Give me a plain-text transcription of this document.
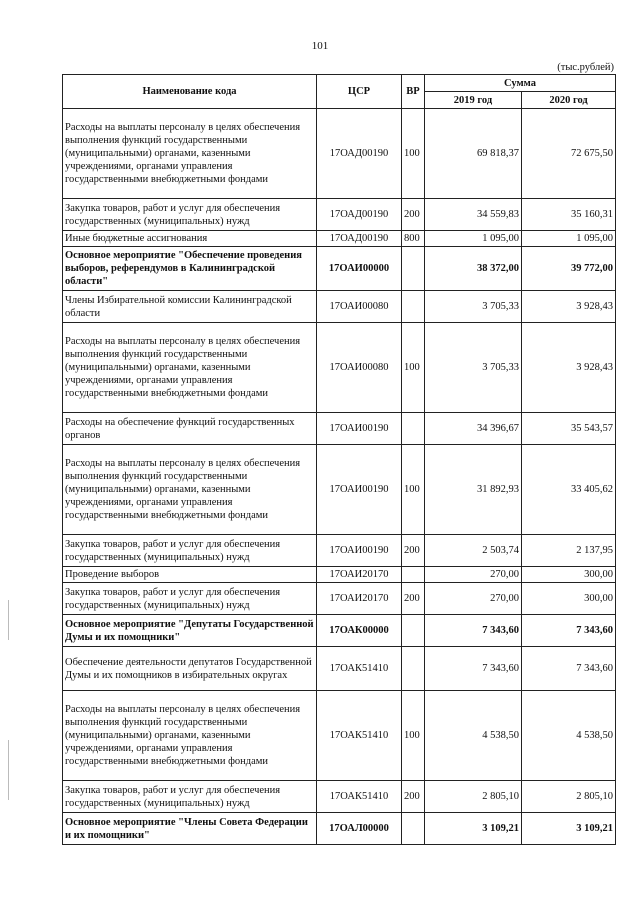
101
(тыс.рублей)
Наименование кода	ЦСР	ВР	Сумма	
			2019 год	2020 год
Расходы на выплаты персоналу в целях обеспечения выполнения функций государственными (муниципальными) органами, казенными учреждениями, органами управления государственными внебюджетными фондами	17ОАД00190	100	69 818,37	72 675,50
Закупка товаров, работ и услуг для обеспечения государственных (муниципальных) нужд	17ОАД00190	200	34 559,83	35 160,31
Иные бюджетные ассигнования	17ОАД00190	800	1 095,00	1 095,00
Основное мероприятие "Обеспечение проведения выборов, референдумов в Калининградской области"	17ОАИ00000		38 372,00	39 772,00
Члены Избирательной комиссии Калининградской области	17ОАИ00080		3 705,33	3 928,43
Расходы на выплаты персоналу в целях обеспечения выполнения функций государственными (муниципальными) органами, казенными учреждениями, органами управления государственными внебюджетными фондами	17ОАИ00080	100	3 705,33	3 928,43
Расходы на обеспечение функций государственных органов	17ОАИ00190		34 396,67	35 543,57
Расходы на выплаты персоналу в целях обеспечения выполнения функций государственными (муниципальными) органами, казенными учреждениями, органами управления государственными внебюджетными фондами	17ОАИ00190	100	31 892,93	33 405,62
Закупка товаров, работ и услуг для обеспечения государственных (муниципальных) нужд	17ОАИ00190	200	2 503,74	2 137,95
Проведение выборов	17ОАИ20170		270,00	300,00
Закупка товаров, работ и услуг для обеспечения государственных (муниципальных) нужд	17ОАИ20170	200	270,00	300,00
Основное мероприятие "Депутаты Государственной Думы и их помощники"	17ОАК00000		7 343,60	7 343,60
Обеспечение деятельности депутатов Государственной Думы и их помощников в избирательных округах	17ОАК51410		7 343,60	7 343,60
Расходы на выплаты персоналу в целях обеспечения выполнения функций государственными (муниципальными) органами, казенными учреждениями, органами управления государственными внебюджетными фондами	17ОАК51410	100	4 538,50	4 538,50
Закупка товаров, работ и услуг для обеспечения государственных (муниципальных) нужд	17ОАК51410	200	2 805,10	2 805,10
Основное мероприятие "Члены Совета Федерации и их помощники"	17ОАЛ00000		3 109,21	3 109,21
